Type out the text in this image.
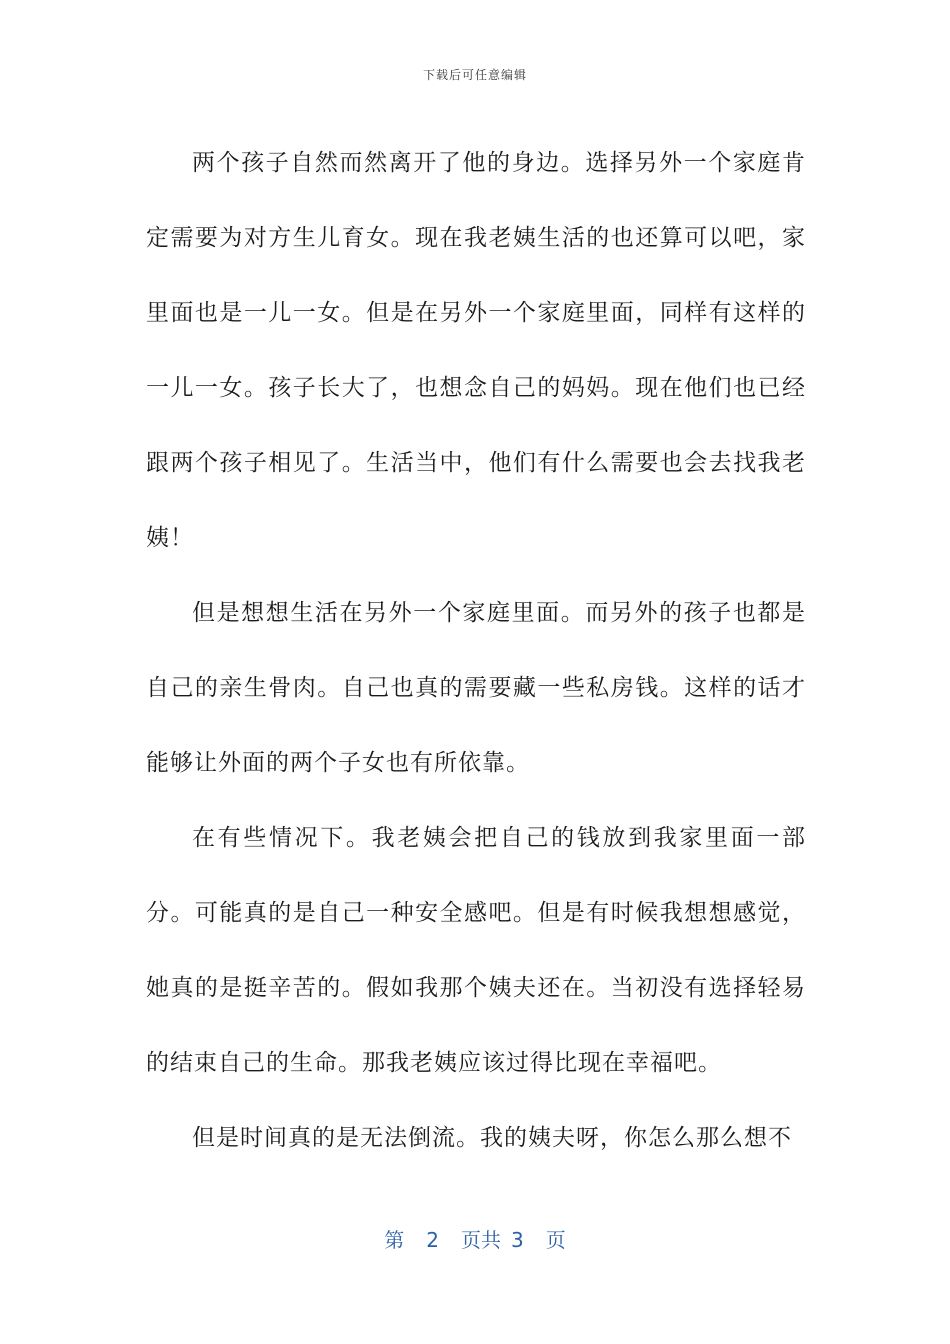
下载后可任意编辑

两个孩子自然而然离开了他的身边。选择另外一个家庭肯定需要为对方生儿育女。现在我老姨生活的也还算可以吧，家里面也是一儿一女。但是在另外一个家庭里面，同样有这样的一儿一女。孩子长大了，也想念自己的妈妈。现在他们也已经跟两个孩子相见了。生活当中，他们有什么需要也会去找我老姨！

但是想想生活在另外一个家庭里面。而另外的孩子也都是自己的亲生骨肉。自己也真的需要藏一些私房钱。这样的话才能够让外面的两个子女也有所依靠。

在有些情况下。我老姨会把自己的钱放到我家里面一部分。可能真的是自己一种安全感吧。但是有时候我想想感觉，她真的是挺辛苦的。假如我那个姨夫还在。当初没有选择轻易的结束自己的生命。那我老姨应该过得比现在幸福吧。

但是时间真的是无法倒流。我的姨夫呀，你怎么那么想不

第 2 页共 3 页
